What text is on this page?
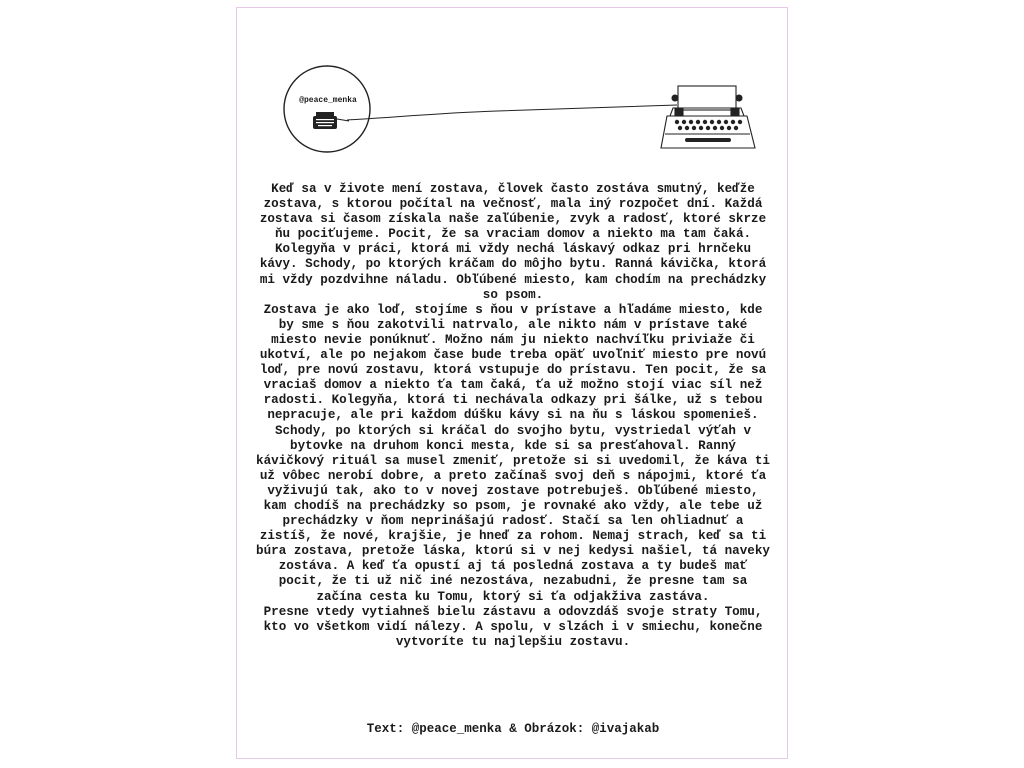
@peace_menka

Keď sa v živote mení zostava, človek často zostáva smutný, keďže zostava, s ktorou počítal na večnosť, mala iný rozpočet dní. Každá zostava si časom získala naše zaľúbenie, zvyk a radosť, ktoré skrze ňu pociťujeme. Pocit, že sa vraciam domov a niekto ma tam čaká. Kolegyňa v práci, ktorá mi vždy nechá láskavý odkaz pri hrnčeku kávy. Schody, po ktorých kráčam do môjho bytu. Ranná kávička, ktorá mi vždy pozdvihne náladu. Obľúbené miesto, kam chodím na prechádzky so psom.

Zostava je ako loď, stojíme s ňou v prístave a hľadáme miesto, kde by sme s ňou zakotvili natrvalo, ale nikto nám v prístave také miesto nevie ponúknuť. Možno nám ju niekto nachvíľku priviaže či ukotví, ale po nejakom čase bude treba opäť uvoľniť miesto pre novú loď, pre novú zostavu, ktorá vstupuje do prístavu. Ten pocit, že sa vraciaš domov a niekto ťa tam čaká, ťa už možno stojí viac síl než radosti. Kolegyňa, ktorá ti nechávala odkazy pri šálke, už s tebou nepracuje, ale pri každom dúšku kávy si na ňu s láskou spomenieš. Schody, po ktorých si kráčal do svojho bytu, vystriedal výťah v bytovke na druhom konci mesta, kde si sa presťahoval. Ranný kávičkový rituál sa musel zmeniť, pretože si si uvedomil, že káva ti už vôbec nerobí dobre, a preto začínaš svoj deň s nápojmi, ktoré ťa vyživujú tak, ako to v novej zostave potrebuješ. Obľúbené miesto, kam chodíš na prechádzky so psom, je rovnaké ako vždy, ale tebe už prechádzky v ňom neprinášajú radosť. Stačí sa len ohliadnuť a zistíš, že nové, krajšie, je hneď za rohom. Nemaj strach, keď sa ti búra zostava, pretože láska, ktorú si v nej kedysi našiel, tá naveky zostáva. A keď ťa opustí aj tá posledná zostava a ty budeš mať pocit, že ti už nič iné nezostáva, nezabudni, že presne tam sa začína cesta ku Tomu, ktorý si ťa odjakživa zastáva.

Presne vtedy vytiahneš bielu zástavu a odovzdáš svoje straty Tomu, kto vo všetkom vidí nálezy. A spolu, v slzách i v smiechu, konečne vytvoríte tu najlepšiu zostavu.

Text: @peace_menka & Obrázok: @ivajakab
